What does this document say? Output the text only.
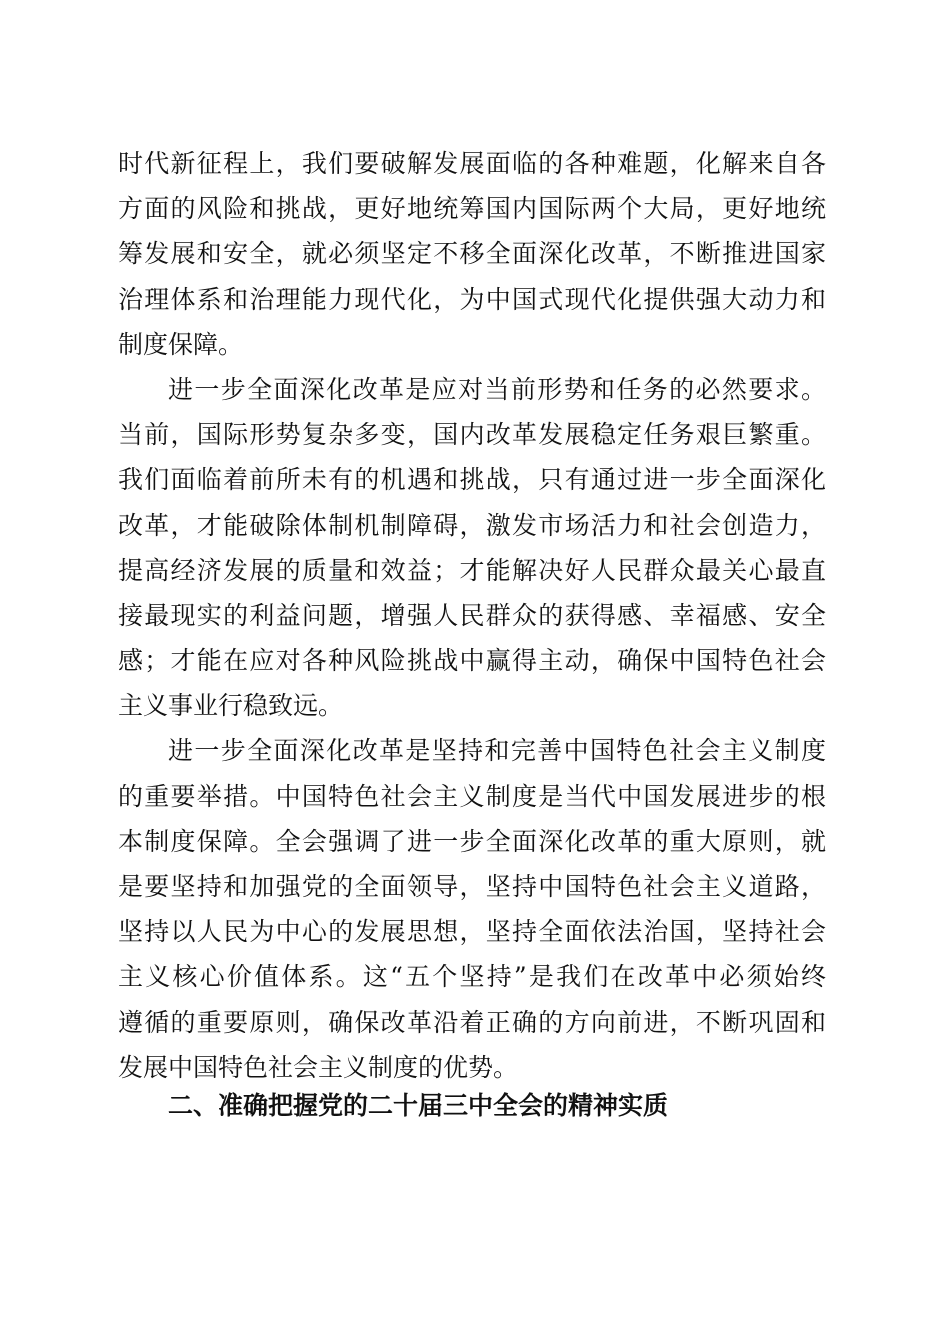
时代新征程上，我们要破解发展面临的各种难题，化解来自各
方面的风险和挑战，更好地统筹国内国际两个大局，更好地统
筹发展和安全，就必须坚定不移全面深化改革，不断推进国家
治理体系和治理能力现代化，为中国式现代化提供强大动力和
制度保障。
进一步全面深化改革是应对当前形势和任务的必然要求。
当前，国际形势复杂多变，国内改革发展稳定任务艰巨繁重。
我们面临着前所未有的机遇和挑战，只有通过进一步全面深化
改革，才能破除体制机制障碍，激发市场活力和社会创造力，
提高经济发展的质量和效益；才能解决好人民群众最关心最直
接最现实的利益问题，增强人民群众的获得感、幸福感、安全
感；才能在应对各种风险挑战中赢得主动，确保中国特色社会
主义事业行稳致远。
进一步全面深化改革是坚持和完善中国特色社会主义制度
的重要举措。中国特色社会主义制度是当代中国发展进步的根
本制度保障。全会强调了进一步全面深化改革的重大原则，就
是要坚持和加强党的全面领导，坚持中国特色社会主义道路，
坚持以人民为中心的发展思想，坚持全面依法治国，坚持社会
主义核心价值体系。这“五个坚持”是我们在改革中必须始终
遵循的重要原则，确保改革沿着正确的方向前进，不断巩固和
发展中国特色社会主义制度的优势。
二、准确把握党的二十届三中全会的精神实质
